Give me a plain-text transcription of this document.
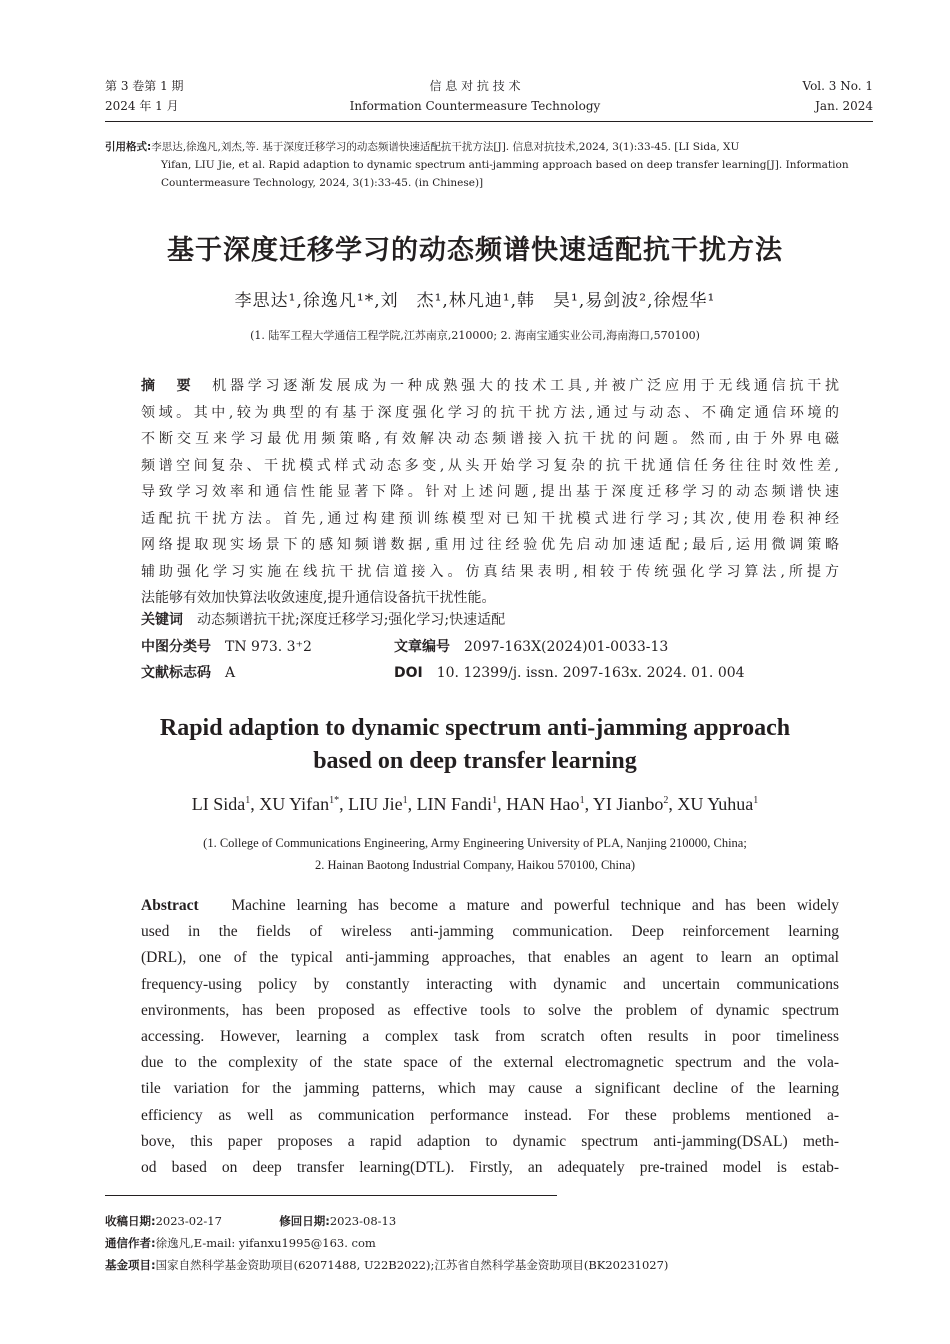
第 3 卷第 1 期
2024 年 1 月
信 息 对 抗 技 术
Information Countermeasure Technology
Vol. 3 No. 1
Jan. 2024
引用格式:李思达,徐逸凡,刘杰,等. 基于深度迁移学习的动态频谱快速适配抗干扰方法[J]. 信息对抗技术,2024, 3(1):33-45. [LI Sida, XU
Yifan, LIU Jie, et al. Rapid adaption to dynamic spectrum anti-jamming approach based on deep transfer learning[J]. Information
Countermeasure Technology, 2024, 3(1):33-45. (in Chinese)]
基于深度迁移学习的动态频谱快速适配抗干扰方法
李思达¹,徐逸凡¹*,刘　杰¹,林凡迪¹,韩　昊¹,易剑波²,徐煜华¹
(1. 陆军工程大学通信工程学院,江苏南京,210000; 2. 海南宝通实业公司,海南海口,570100)
摘　要　 机器学习逐渐发展成为一种成熟强大的技术工具,并被广泛应用于无线通信抗干扰
领域。其中,较为典型的有基于深度强化学习的抗干扰方法,通过与动态、不确定通信环境的
不断交互来学习最优用频策略,有效解决动态频谱接入抗干扰的问题。然而,由于外界电磁
频谱空间复杂、干扰模式样式动态多变,从头开始学习复杂的抗干扰通信任务往往时效性差,
导致学习效率和通信性能显著下降。针对上述问题,提出基于深度迁移学习的动态频谱快速
适配抗干扰方法。首先,通过构建预训练模型对已知干扰模式进行学习;其次,使用卷积神经
网络提取现实场景下的感知频谱数据,重用过往经验优先启动加速适配;最后,运用微调策略
辅助强化学习实施在线抗干扰信道接入。仿真结果表明,相较于传统强化学习算法,所提方
法能够有效加快算法收敛速度,提升通信设备抗干扰性能。
关键词　 动态频谱抗干扰;深度迁移学习;强化学习;快速适配
中图分类号　 TN 973. 3⁺2	文章编号　 2097-163X(2024)01-0033-13
文献标志码　 A	DOI　 10. 12399/j. issn. 2097-163x. 2024. 01. 004
Rapid adaption to dynamic spectrum anti-jamming approach
based on deep transfer learning
LI Sida$^1$, XU Yifan$^{1*}$, LIU Jie$^1$, LIN Fandi$^1$, HAN Hao$^1$, YI Jianbo$^2$, XU Yuhua$^1$
(1. College of Communications Engineering, Army Engineering University of PLA, Nanjing 210000, China;
2. Hainan Baotong Industrial Company, Haikou 570100, China)
Abstract Machine learning has become a mature and powerful technique and has been widely
used in the fields of wireless anti-jamming communication. Deep reinforcement learning
(DRL), one of the typical anti-jamming approaches, that enables an agent to learn an optimal
frequency-using policy by constantly interacting with dynamic and uncertain communications
environments, has been proposed as effective tools to solve the problem of dynamic spectrum
accessing. However, learning a complex task from scratch often results in poor timeliness
due to the complexity of the state space of the external electromagnetic spectrum and the vola-
tile variation for the jamming patterns, which may cause a significant decline of the learning
efficiency as well as communication performance instead. For these problems mentioned a-
bove, this paper proposes a rapid adaption to dynamic spectrum anti-jamming(DSAL) meth-
od based on deep transfer learning(DTL). Firstly, an adequately pre-trained model is estab-
收稿日期:2023-02-17	修回日期:2023-08-13
通信作者:徐逸凡,E-mail: yifanxu1995@163. com
基金项目:国家自然科学基金资助项目(62071488, U22B2022);江苏省自然科学基金资助项目(BK20231027)
